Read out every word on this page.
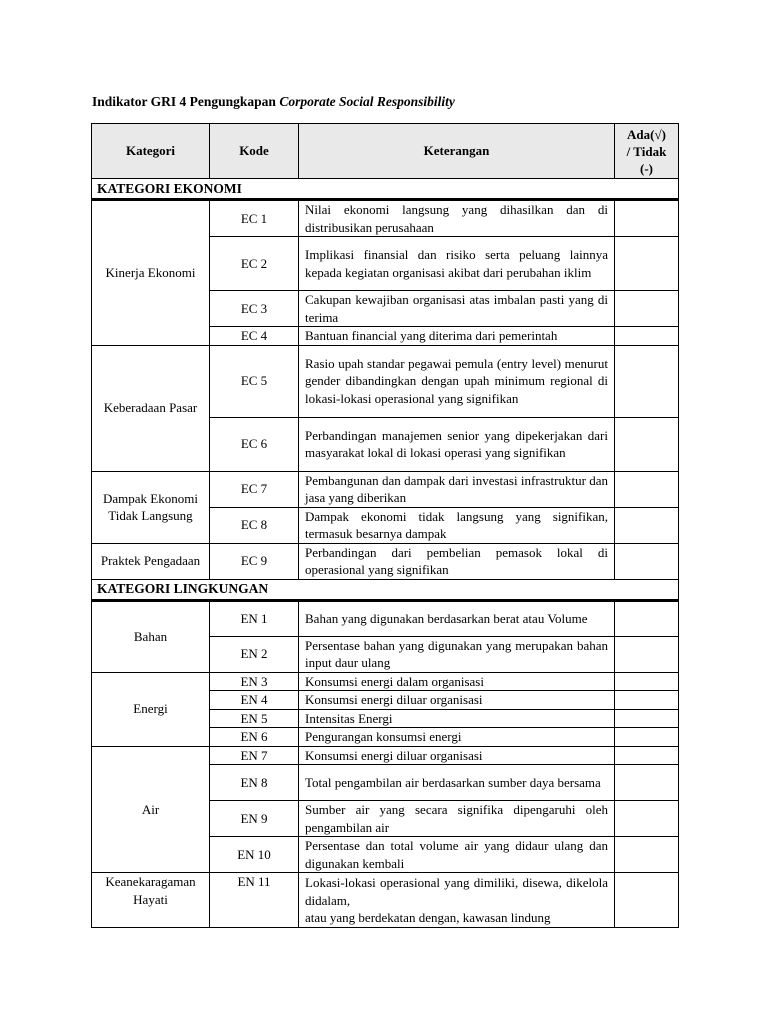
Indikator GRI 4 Pengungkapan Corporate Social Responsibility
Kategori	Kode	Keterangan	Ada(√)
/ Tidak
(-)
KATEGORI EKONOMI			
Kinerja Ekonomi	EC 1	Nilai ekonomi langsung yang dihasilkan dan di distribusikan perusahaan	
	EC 2	Implikasi finansial dan risiko serta peluang lainnya kepada kegiatan organisasi akibat dari perubahan iklim	
	EC 3	Cakupan kewajiban organisasi atas imbalan pasti yang di terima	
	EC 4	Bantuan financial yang diterima dari pemerintah	
Keberadaan Pasar	EC 5	Rasio upah standar pegawai pemula (entry level) menurut gender dibandingkan dengan upah minimum regional di lokasi-lokasi operasional yang signifikan	
	EC 6	Perbandingan manajemen senior yang dipekerjakan dari masyarakat lokal di lokasi operasi yang signifikan	
Dampak Ekonomi Tidak Langsung	EC 7	Pembangunan dan dampak dari investasi infrastruktur dan jasa yang diberikan	
	EC 8	Dampak ekonomi tidak langsung yang signifikan, termasuk besarnya dampak	
Praktek Pengadaan	EC 9	Perbandingan dari pembelian pemasok lokal di operasional yang signifikan	
KATEGORI LINGKUNGAN			
Bahan	EN 1	Bahan yang digunakan berdasarkan berat atau Volume	
	EN 2	Persentase bahan yang digunakan yang merupakan bahan input daur ulang	
Energi	EN 3	Konsumsi energi dalam organisasi	
	EN 4	Konsumsi energi diluar organisasi	
	EN 5	Intensitas Energi	
	EN 6	Pengurangan konsumsi energi	
Air	EN 7	Konsumsi energi diluar organisasi	
	EN 8	Total pengambilan air berdasarkan sumber daya bersama	
	EN 9	Sumber air yang secara signifika dipengaruhi oleh pengambilan air	
	EN 10	Persentase dan total volume air yang didaur ulang dan digunakan kembali	
Keanekaragaman Hayati	EN 11	Lokasi-lokasi operasional yang dimiliki, disewa, dikelola didalam,
atau yang berdekatan dengan, kawasan lindung	
